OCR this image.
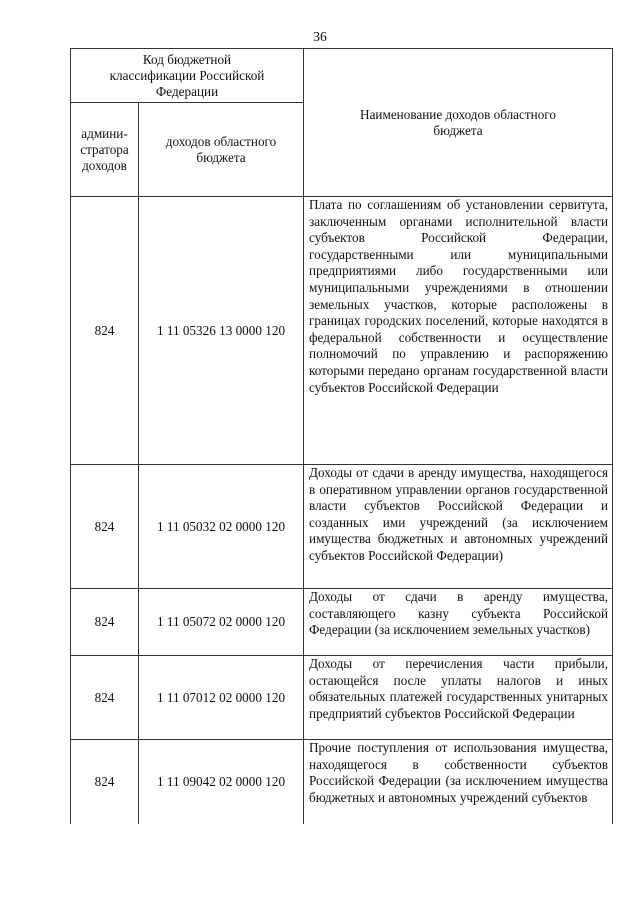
36
Код бюджетной классификации Российской Федерации		Наименование доходов областного бюджета
админи-стратора доходов	доходов областного бюджета	
824	1 11 05326 13 0000 120	Плата по соглашениям об установлении сервитута, заключенным органами исполнительной власти субъектов Российской Федерации, государственными или муниципальными предприятиями либо государственными или муниципальными учреждениями в отношении земельных участков, которые расположены в границах городских поселений, которые находятся в федеральной собственности и осуществление полномочий по управлению и распоряжению которыми передано органам государственной власти субъектов Российской Федерации

824	1 11 05032 02 0000 120	Доходы от сдачи в аренду имущества, находящегося в оперативном управлении органов государственной власти субъектов Российской Федерации и созданных ими учреждений (за исключением имущества бюджетных и автономных учреждений субъектов Российской Федерации)

824	1 11 05072 02 0000 120	Доходы от сдачи в аренду имущества, составляющего казну субъекта Российской Федерации (за исключением земельных участков)

824	1 11 07012 02 0000 120	Доходы от перечисления части прибыли, остающейся после уплаты налогов и иных обязательных платежей государственных унитарных предприятий субъектов Российской Федерации

824	1 11 09042 02 0000 120	Прочие поступления от использования имущества, находящегося в собственности субъектов Российской Федерации (за исключением имущества бюджетных и автономных учреждений субъектов
